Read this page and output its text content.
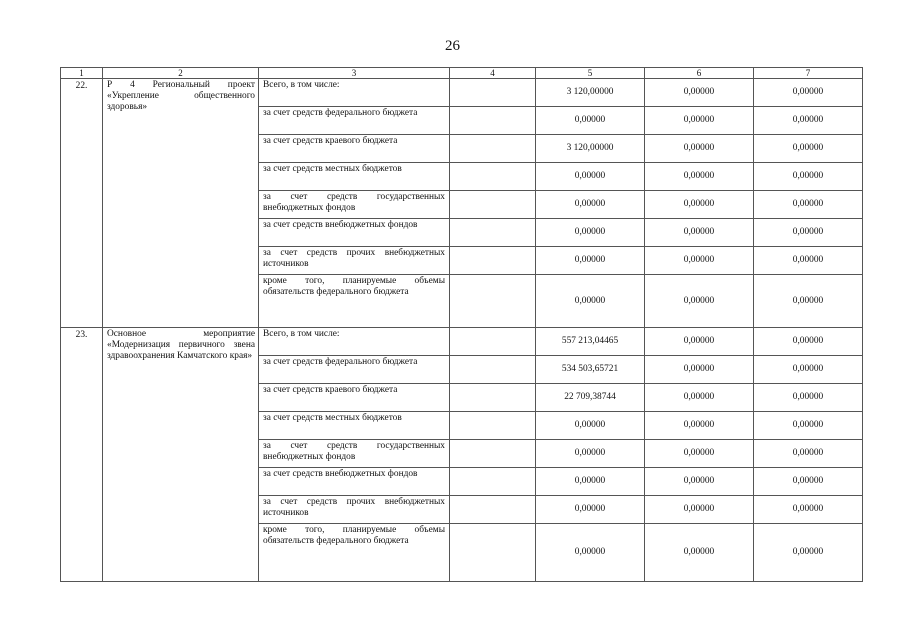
26
1	2	3	4	5	6	7
22.	Р 4 Региональный проект «Укрепление общественного здоровья»	Всего, в том числе:		3 120,00000	0,00000	0,00000
		за счет средств федерального бюджета		0,00000	0,00000	0,00000
		за счет средств краевого бюджета		3 120,00000	0,00000	0,00000
		за счет средств местных бюджетов		0,00000	0,00000	0,00000
		за счет средств государственных внебюджетных фондов		0,00000	0,00000	0,00000
		за счет средств внебюджетных фондов		0,00000	0,00000	0,00000
		за счет средств прочих внебюджетных источников		0,00000	0,00000	0,00000
		кроме того, планируемые объемы обязательств федерального бюджета		0,00000	0,00000	0,00000
23.	Основное мероприятие «Модернизация первичного звена здравоохранения Камчатского края»	Всего, в том числе:		557 213,04465	0,00000	0,00000
		за счет средств федерального бюджета		534 503,65721	0,00000	0,00000
		за счет средств краевого бюджета		22 709,38744	0,00000	0,00000
		за счет средств местных бюджетов		0,00000	0,00000	0,00000
		за счет средств государственных внебюджетных фондов		0,00000	0,00000	0,00000
		за счет средств внебюджетных фондов		0,00000	0,00000	0,00000
		за счет средств прочих внебюджетных источников		0,00000	0,00000	0,00000
		кроме того, планируемые объемы обязательств федерального бюджета		0,00000	0,00000	0,00000
